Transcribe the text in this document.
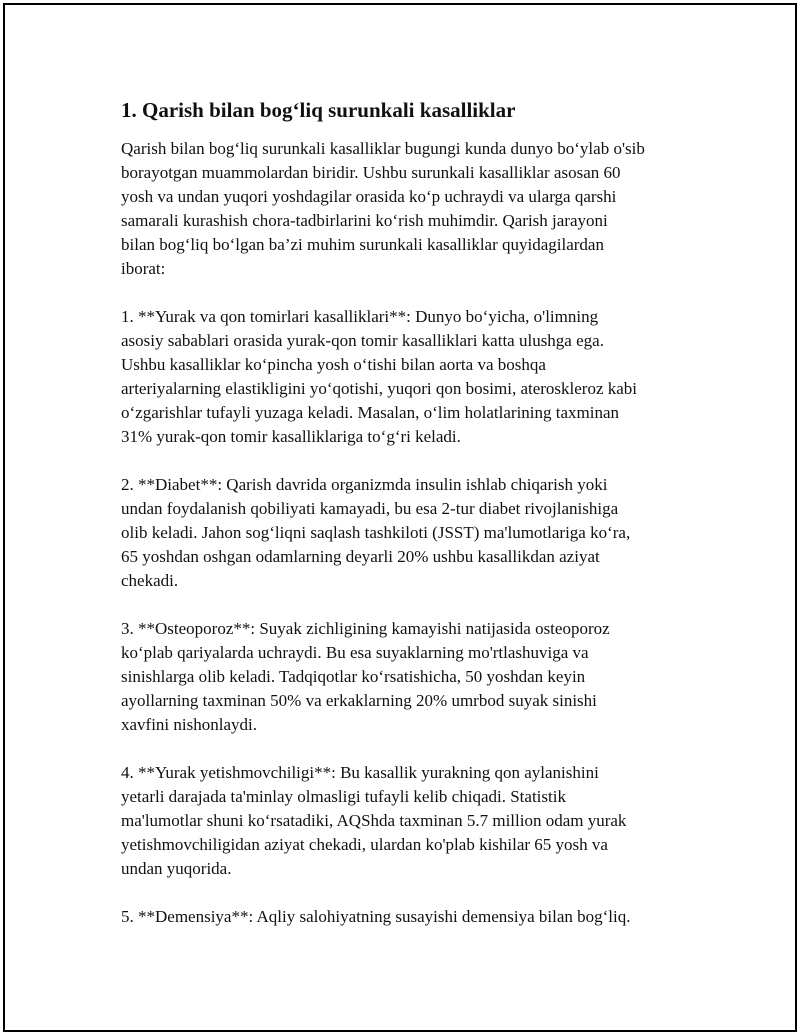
1. Qarish bilan bog‘liq surunkali kasalliklar

Qarish bilan bog‘liq surunkali kasalliklar bugungi kunda dunyo bo‘ylab o'sib
borayotgan muammolardan biridir. Ushbu surunkali kasalliklar asosan 60
yosh va undan yuqori yoshdagilar orasida ko‘p uchraydi va ularga qarshi
samarali kurashish chora-tadbirlarini ko‘rish muhimdir. Qarish jarayoni
bilan bog‘liq bo‘lgan ba’zi muhim surunkali kasalliklar quyidagilardan
iborat:

1. **Yurak va qon tomirlari kasalliklari**: Dunyo bo‘yicha, o'limning
asosiy sabablari orasida yurak-qon tomir kasalliklari katta ulushga ega.
Ushbu kasalliklar ko‘pincha yosh o‘tishi bilan aorta va boshqa
arteriyalarning elastikligini yo‘qotishi, yuqori qon bosimi, ateroskleroz kabi
o‘zgarishlar tufayli yuzaga keladi. Masalan, o‘lim holatlarining taxminan
31% yurak-qon tomir kasalliklariga to‘g‘ri keladi.

2. **Diabet**: Qarish davrida organizmda insulin ishlab chiqarish yoki
undan foydalanish qobiliyati kamayadi, bu esa 2-tur diabet rivojlanishiga
olib keladi. Jahon sog‘liqni saqlash tashkiloti (JSST) ma'lumotlariga ko‘ra,
65 yoshdan oshgan odamlarning deyarli 20% ushbu kasallikdan aziyat
chekadi.

3. **Osteoporoz**: Suyak zichligining kamayishi natijasida osteoporoz
ko‘plab qariyalarda uchraydi. Bu esa suyaklarning mo'rtlashuviga va
sinishlarga olib keladi. Tadqiqotlar ko‘rsatishicha, 50 yoshdan keyin
ayollarning taxminan 50% va erkaklarning 20% umrbod suyak sinishi
xavfini nishonlaydi.

4. **Yurak yetishmovchiligi**: Bu kasallik yurakning qon aylanishini
yetarli darajada ta'minlay olmasligi tufayli kelib chiqadi. Statistik
ma'lumotlar shuni ko‘rsatadiki, AQShda taxminan 5.7 million odam yurak
yetishmovchiligidan aziyat chekadi, ulardan ko'plab kishilar 65 yosh va
undan yuqorida.

5. **Demensiya**: Aqliy salohiyatning susayishi demensiya bilan bog‘liq.
